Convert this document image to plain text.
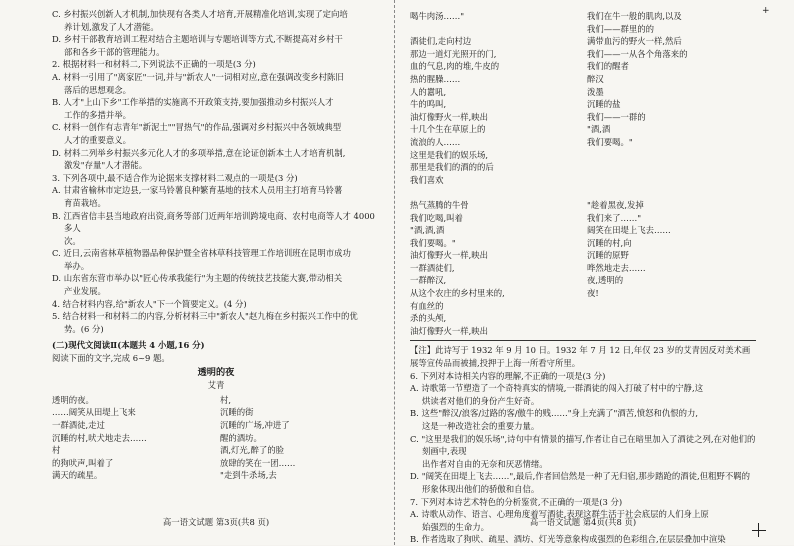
+
C. 乡村振兴创新人才机制,加快现有各类人才培育,开展精准化培训,实现了定向培
养计划,激发了人才潜能。
D. 乡村干部教育培训工程对结合主题培训与专题培训等方式,不断提高对乡村干
部和各乡干部的管理能力。
2. 根据材料一和材料二,下列说法不正确的一项是(3 分)
A. 材料一引用了"离家匠"一词,并与"新农人"一词相对应,意在强调改变乡村陈旧
落后的思想观念。
B. 人才"上山下乡"工作举措的实施离不开政策支持,要加强推动乡村振兴人才
工作的多措并举。
C. 材料一创作有志青年"新泥土""冒热气"的作品,强调对乡村振兴中各领域典型
人才的重要意义。
D. 材料二列举乡村振兴多元化人才的多项举措,意在论证创新本土人才培育机制,
激发"存量"人才潜能。
3. 下列各项中,最不适合作为论据来支撑材料二观点的一项是(3 分)
A. 甘肃省榆林市定边县,一家马铃薯良种繁育基地的技术人员用主打培育马铃薯
育苗栽培。
B. 江西省信丰县当地政府出资,商务等部门近两年培训跨境电商、农村电商等人才 4000 多人
次。
C. 近日,云南省林草植物器品种保护暨全省林草科技管理工作培训班在昆明市成功
举办。
D. 山东省东营市举办以"匠心传承我能行"为主题的传统技艺技能大赛,带动相关
产业发展。
4. 结合材料内容,给"新农人"下一个简要定义。(4 分)
5. 结合材料一和材料二的内容,分析材料三中"新农人"赵九梅在乡村振兴工作中的优
势。(6 分)
(二)现代文阅读Ⅱ(本题共 4 小题,16 分)
阅读下面的文字,完成 6~9 题。
透明的夜
艾青
透明的夜。
……阔笑从田堤上飞来
一群酒徒,走过
沉睡的村,吠犬地走去……
村
的狗吠声,叫着了
满天的疏星。
村,
沉睡的街
沉睡的广场,冲进了
醒的酒坊。
酒,灯光,醉了的脸
放肆的笑在一团……
"走到牛杀场,去
高一语文试题 第3页(共8 页)
喝牛肉汤……"

酒徒们,走向村边
那边一道灯光照开的门,
血的气息,肉的堆,牛皮的
热的腥臊……
人的囂吼,
牛的鸣叫,
油灯像野火一样,映出
十几个生在草原上的
流浪的人……
这里是我们的娱乐场,
那里是我们的酒的的后
我们喜欢

热气蒸腾的牛骨
我们吃喝,叫着
"酒,酒,酒
我们要喝。"
油灯像野火一样,映出
一群酒徒们,
一群醉汉,
从这个农庄的乡村里来的,
有血丝的
杀的头颅,
油灯像野火一样,映出
我们在牛一般的肌肉,以及
我们——群里的的
满带血污的野火一样,然后
我们——一从各个角落来的
我们的醒者
醉汉
泼墨
沉睡的盐
我们——一群的
"酒,酒
我们要喝。"

"趁着黑夜,发掉
我们来了……"
阔笑在田堤上飞去……
沉睡的村,向
沉睡的原野
哗然地走去……
夜,透明的
夜!
【注】此诗写于 1932 年 9 月 10 日。1932 年 7 月 12 日,年仅 23 岁的艾青因反对美术画展等宣传品而被捕,投押于上海一所看守所里。
6. 下列对本诗相关内容的理解,不正确的一项是(3 分)
A. 诗歌第一节塑造了一个奇特真实的情境,一群酒徒的闯入打破了村中的宁静,这
烘读者对他们的身份产生好奇。
B. 这些"醉汉/浪客/过路的客/傲牛的贱……"身上充满了"酒苦,愤怒和仇恨的力,
这是一种改造社会的重要力量。
C. "这里是我们的娱乐场",诗句中有情景的描写,作者让自己在暗里加入了酒徒之列,在对他们的刻画中,表现
出作者对自由的无奈和厌恶情绪。
D. "阔笑在田堤上飞去……",最后,作者回信然是一种了无归宿,那步踏跄的酒徒,但粗野不羁的
形象体现出他们的骄傲和自信。
7. 下列对本诗艺术特色的分析鉴赏,不正确的一项是(3 分)
A. 诗歌从动作、语言、心理角度着写酒徒,表现这群生活于社会底层的人们身上原
始强烈的生命力。
B. 作者选取了狗吠、疏星、酒坊、灯光等意象构成强烈的色彩组合,在层层叠加中渲染
高一语文试题 第4页(共8 页)
